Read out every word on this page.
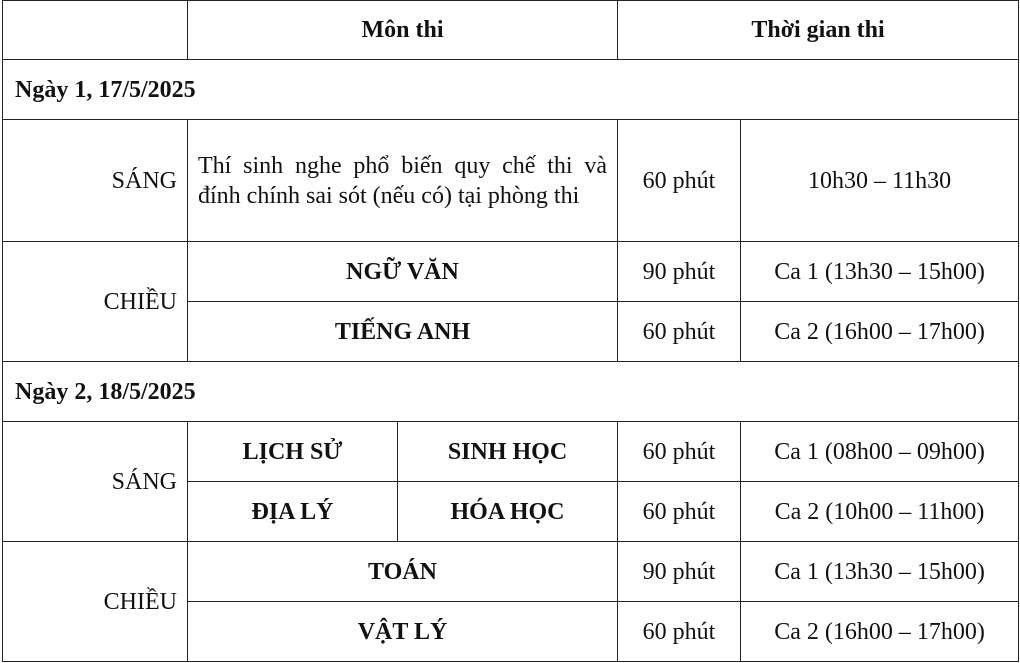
	Môn thi		Thời gian thi	
Ngày 1, 17/5/2025				
SÁNG	Thí sinh nghe phổ biến quy chế thi và đính chính sai sót (nếu có) tại phòng thi		60 phút	10h30 – 11h30
CHIỀU	NGỮ VĂN		90 phút	Ca 1 (13h30 – 15h00)
	TIẾNG ANH		60 phút	Ca 2 (16h00 – 17h00)
Ngày 2, 18/5/2025				
SÁNG	LỊCH SỬ	SINH HỌC	60 phút	Ca 1 (08h00 – 09h00)
	ĐỊA LÝ	HÓA HỌC	60 phút	Ca 2 (10h00 – 11h00)
CHIỀU	TOÁN		90 phút	Ca 1 (13h30 – 15h00)
	VẬT LÝ		60 phút	Ca 2 (16h00 – 17h00)
